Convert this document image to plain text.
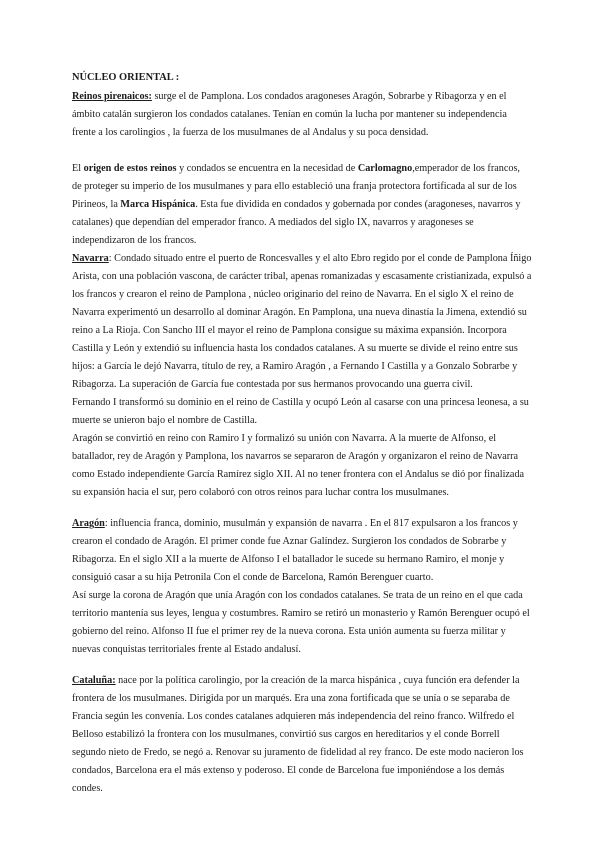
NÚCLEO ORIENTAL :

Reinos pirenaicos: surge el de Pamplona. Los condados aragoneses Aragón, Sobrarbe y Ribagorza y en el ámbito catalán surgieron los condados catalanes. Tenían en común la lucha por mantener su independencia frente a los carolingios , la fuerza de los musulmanes de al Andalus y su poca densidad.

El origen de estos reinos y condados se encuentra en la necesidad de Carlomagno,emperador de los francos, de proteger su imperio de los musulmanes y para ello estableció una franja protectora fortificada al sur de los Pirineos, la Marca Hispánica. Esta fue dividida en condados y gobernada por condes (aragoneses, navarros y catalanes) que dependían del emperador franco. A mediados del siglo IX, navarros y aragoneses se independizaron de los francos.

Navarra: Condado situado entre el puerto de Roncesvalles y el alto Ebro regido por el conde de Pamplona Íñigo Arista, con una población vascona, de carácter tribal, apenas romanizadas y escasamente cristianizada, expulsó a los francos y crearon el reino de Pamplona , núcleo originario del reino de Navarra. En el siglo X el reino de Navarra experimentó un desarrollo al dominar Aragón. En Pamplona, una nueva dinastía la Jimena, extendió su reino a La Rioja. Con Sancho III el mayor el reino de Pamplona consigue su máxima expansión. Incorpora Castilla y León y extendió su influencia hasta los condados catalanes. A su muerte se divide el reino entre sus hijos: a García le dejó Navarra, título de rey, a Ramiro Aragón , a Fernando I Castilla y a Gonzalo Sobrarbe y Ribagorza. La superación de García fue contestada por sus hermanos provocando una guerra civil.

Fernando I transformó su dominio en el reino de Castilla y ocupó León al casarse con una princesa leonesa, a su muerte se unieron bajo el nombre de Castilla.

Aragón se convirtió en reino con Ramiro I y formalizó su unión con Navarra. A la muerte de Alfonso, el batallador, rey de Aragón y Pamplona, los navarros se separaron de Aragón y organizaron el reino de Navarra como Estado independiente García Ramírez siglo XII. Al no tener frontera con el Andalus se dió por finalizada su expansión hacia el sur, pero colaboró con otros reinos para luchar contra los musulmanes.

Aragón: influencia franca, dominio, musulmán y expansión de navarra . En el 817 expulsaron a los francos y crearon el condado de Aragón. El primer conde fue Aznar Galíndez. Surgieron los condados de Sobrarbe y Ribagorza. En el siglo XII a la muerte de Alfonso I el batallador le sucede su hermano Ramiro, el monje y consiguió casar a su hija Petronila Con el conde de Barcelona, Ramón Berenguer cuarto.

Así surge la corona de Aragón que unía Aragón con los condados catalanes. Se trata de un reino en el que cada territorio mantenía sus leyes, lengua y costumbres. Ramiro se retiró un monasterio y Ramón Berenguer ocupó el gobierno del reino. Alfonso II fue el primer rey de la nueva corona. Esta unión aumenta su fuerza militar y nuevas conquistas territoriales frente al Estado andalusí.

Cataluña: nace por la política carolingio, por la creación de la marca hispánica , cuya función era defender la frontera de los musulmanes. Dirigida por un marqués. Era una zona fortificada que se unía o se separaba de Francia según les convenía. Los condes catalanes adquieren más independencia del reino franco. Wilfredo el Belloso estabilizó la frontera con los musulmanes, convirtió sus cargos en hereditarios y el conde Borrell segundo nieto de Fredo, se negó a. Renovar su juramento de fidelidad al rey franco. De este modo nacieron los condados, Barcelona era el más extenso y poderoso. El conde de Barcelona fue imponiéndose a los demás condes.
